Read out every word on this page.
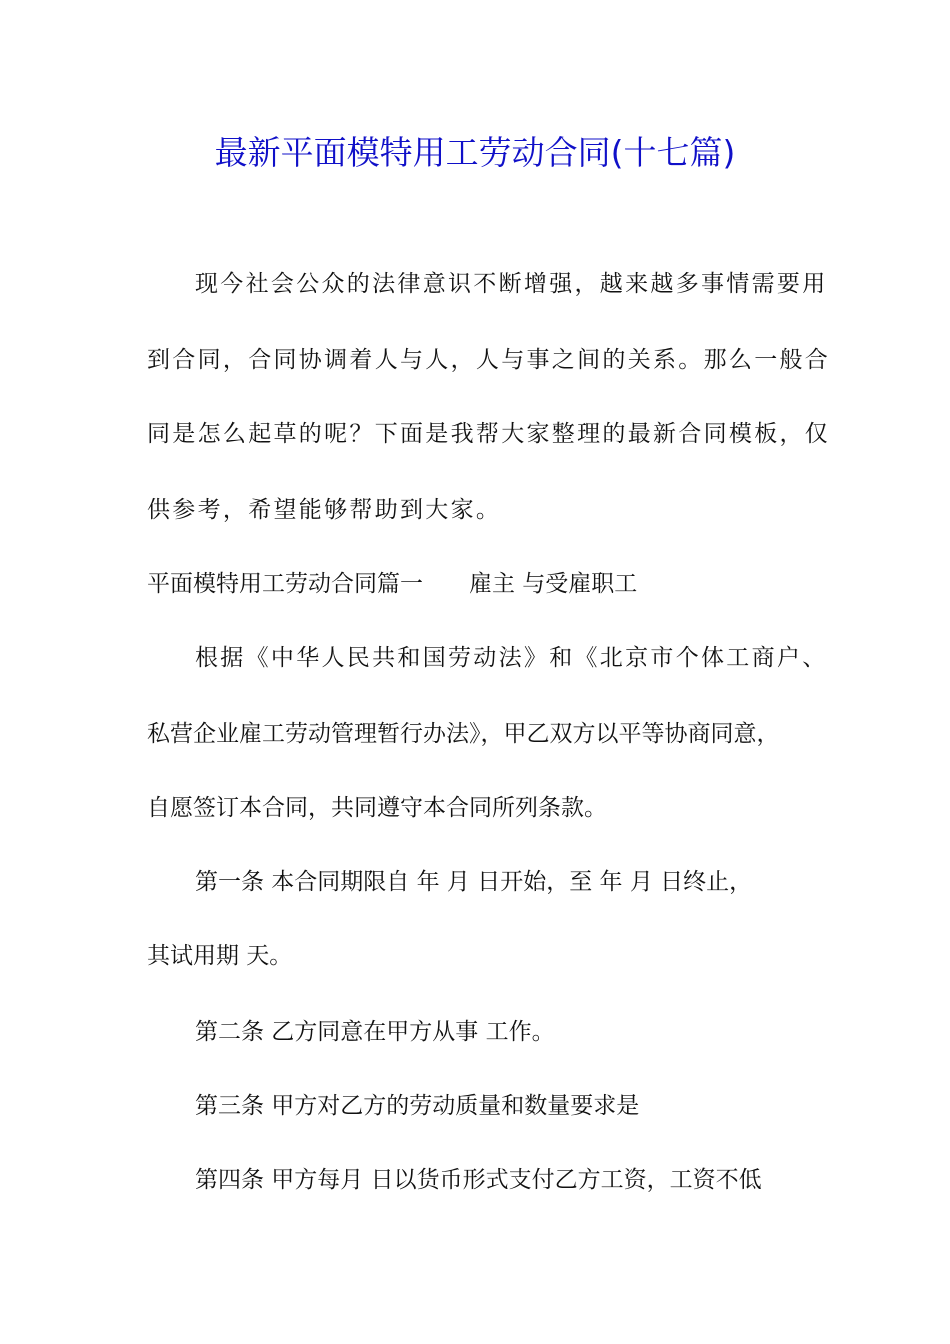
最新平面模特用工劳动合同(十七篇)
现今社会公众的法律意识不断增强，越来越多事情需要用
到合同，合同协调着人与人，人与事之间的关系。那么一般合
同是怎么起草的呢？下面是我帮大家整理的最新合同模板，仅
供参考，希望能够帮助到大家。
平面模特用工劳动合同篇一 雇主 与受雇职工
根据《中华人民共和国劳动法》和《北京市个体工商户、
私营企业雇工劳动管理暂行办法》，甲乙双方以平等协商同意，
自愿签订本合同，共同遵守本合同所列条款。
第一条 本合同期限自 年 月 日开始，至 年 月 日终止，
其试用期 天。
第二条 乙方同意在甲方从事 工作。
第三条 甲方对乙方的劳动质量和数量要求是
第四条 甲方每月 日以货币形式支付乙方工资，工资不低
